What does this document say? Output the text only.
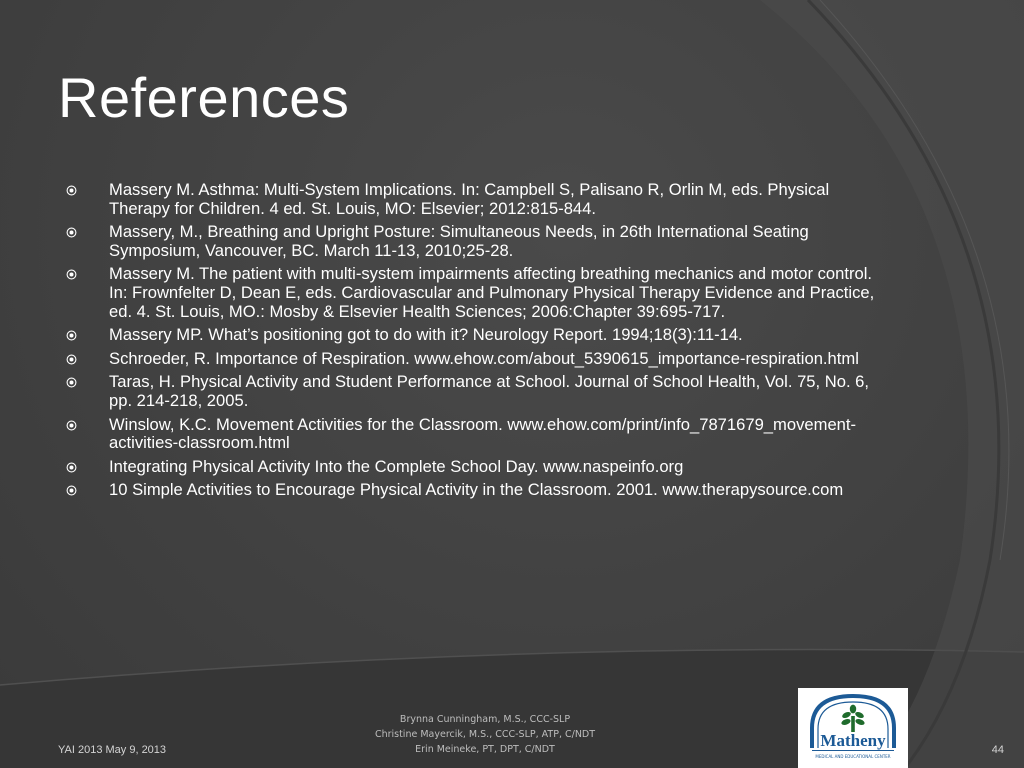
References
Massery M. Asthma: Multi-System Implications. In: Campbell S, Palisano R, Orlin M, eds. Physical Therapy for Children. 4 ed. St. Louis, MO: Elsevier; 2012:815-844.
Massery, M., Breathing and Upright Posture: Simultaneous Needs, in 26th International Seating Symposium, Vancouver, BC. March 11-13, 2010;25-28.
Massery M. The patient with multi-system impairments affecting breathing mechanics and motor control. In: Frownfelter D, Dean E, eds. Cardiovascular and Pulmonary Physical Therapy Evidence and Practice, ed. 4. St. Louis, MO.: Mosby & Elsevier Health Sciences; 2006:Chapter 39:695-717.
Massery MP. What’s positioning got to do with it? Neurology Report. 1994;18(3):11-14.
Schroeder, R. Importance of Respiration. www.ehow.com/about_5390615_importance-respiration.html
Taras, H. Physical Activity and Student Performance at School. Journal of School Health, Vol. 75, No. 6, pp. 214-218, 2005.
Winslow, K.C. Movement Activities for the Classroom. www.ehow.com/print/info_7871679_movement-activities-classroom.html
Integrating Physical Activity Into the Complete School Day. www.naspeinfo.org
10 Simple Activities to Encourage Physical Activity in the Classroom. 2001. www.therapysource.com
YAI 2013 May 9, 2013
Brynna Cunningham, M.S., CCC-SLP
Christine Mayercik, M.S., CCC-SLP, ATP, C/NDT
Erin Meineke, PT, DPT, C/NDT	Matheny
MEDICAL AND EDUCATIONAL CENTER
44
